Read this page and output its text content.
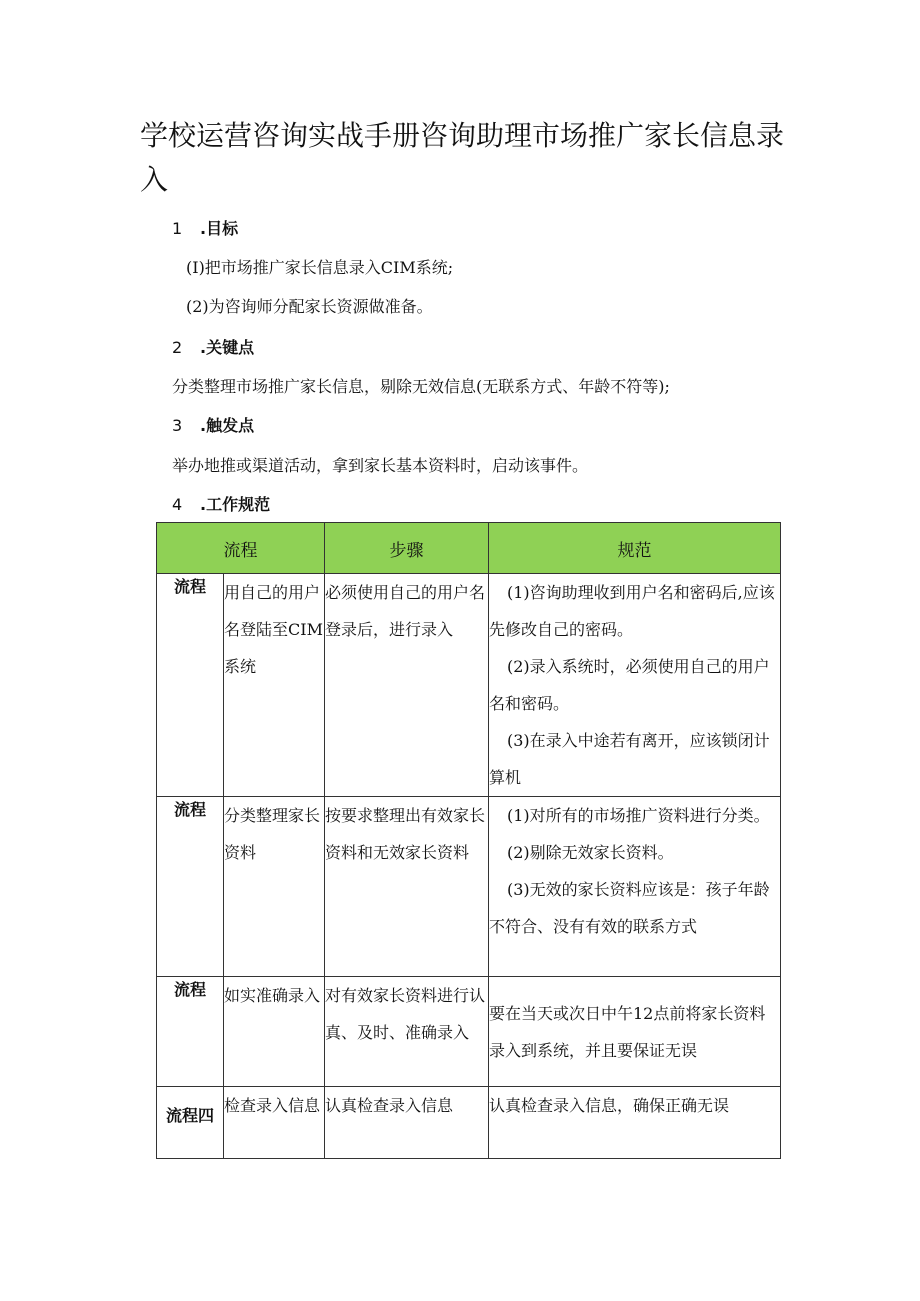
学校运营咨询实战手册咨询助理市场推广家长信息录入
1 .目标
(I)把市场推广家长信息录入CIM系统;
(2)为咨询师分配家长资源做准备。
2 .关键点
分类整理市场推广家长信息，剔除无效信息(无联系方式、年龄不符等);
3 .触发点
举办地推或渠道活动，拿到家长基本资料时，启动该事件。
4 .工作规范
流程		步骤	规范
流程	用自己的用户名登陆至CIM系统	必须使用自己的用户名登录后，进行录入	(1)咨询助理收到用户名和密码后,应该先修改自己的密码。

(2)录入系统时，必须使用自己的用户名和密码。

(3)在录入中途若有离开，应该锁闭计算机

流程	分类整理家长资料	按要求整理出有效家长资料和无效家长资料	(1)对所有的市场推广资料进行分类。

(2)剔除无效家长资料。

(3)无效的家长资料应该是：孩子年龄不符合、没有有效的联系方式

流程	如实准确录入	对有效家长资料进行认真、及时、准确录入	要在当天或次日中午12点前将家长资料录入到系统，并且要保证无误

流程四	检查录入信息	认真检查录入信息	认真检查录入信息，确保正确无误
